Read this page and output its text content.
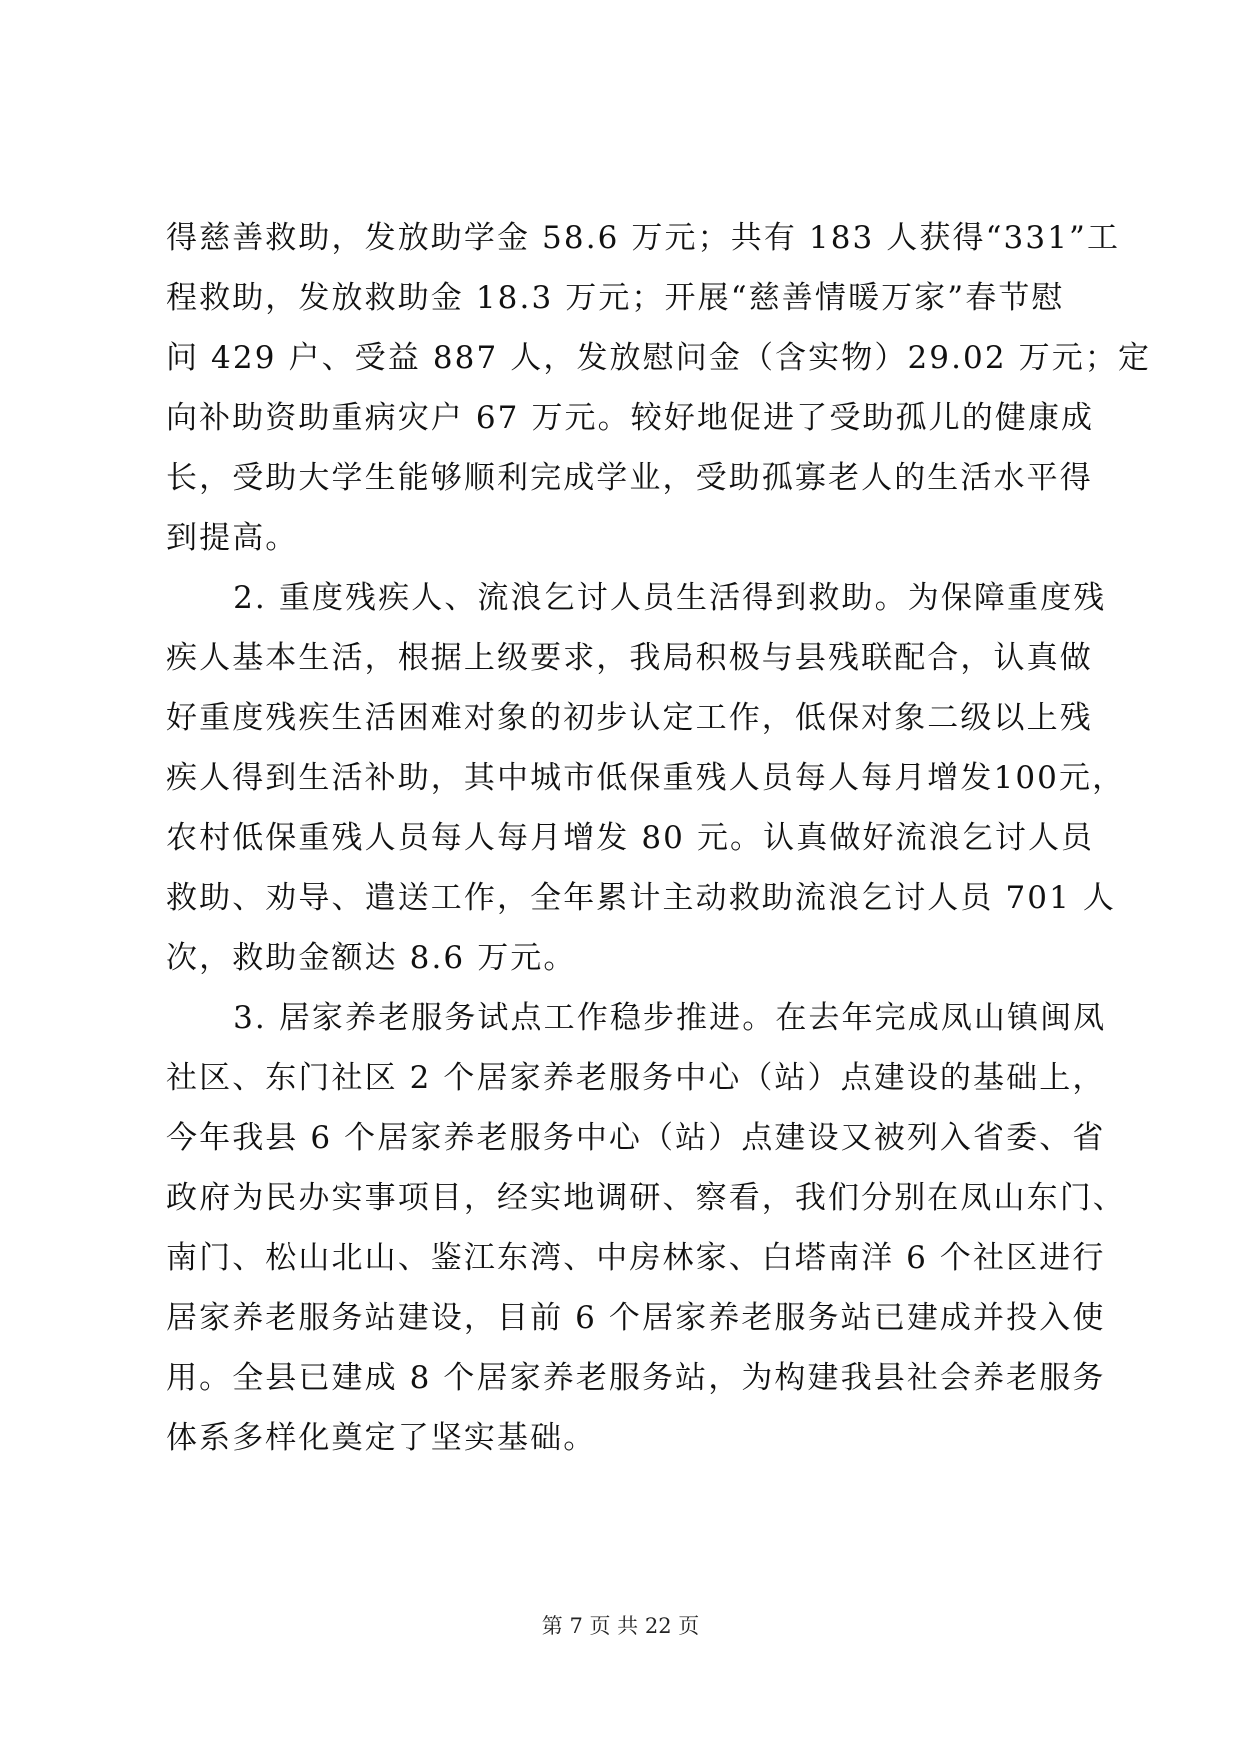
得慈善救助，发放助学金 58.6 万元；共有 183 人获得“331”工
程救助，发放救助金 18.3 万元；开展“慈善情暖万家”春节慰
问 429 户、受益 887 人，发放慰问金（含实物）29.02 万元；定
向补助资助重病灾户 67 万元。较好地促进了受助孤儿的健康成
长，受助大学生能够顺利完成学业，受助孤寡老人的生活水平得
到提高。
　2. 重度残疾人、流浪乞讨人员生活得到救助。为保障重度残
疾人基本生活，根据上级要求，我局积极与县残联配合，认真做
好重度残疾生活困难对象的初步认定工作，低保对象二级以上残
疾人得到生活补助，其中城市低保重残人员每人每月增发100元，
农村低保重残人员每人每月增发 80 元。认真做好流浪乞讨人员
救助、劝导、遣送工作，全年累计主动救助流浪乞讨人员 701 人
次，救助金额达 8.6 万元。
　3. 居家养老服务试点工作稳步推进。在去年完成凤山镇闽凤
社区、东门社区 2 个居家养老服务中心（站）点建设的基础上，
今年我县 6 个居家养老服务中心（站）点建设又被列入省委、省
政府为民办实事项目，经实地调研、察看，我们分别在凤山东门、
南门、松山北山、鉴江东湾、中房林家、白塔南洋 6 个社区进行
居家养老服务站建设，目前 6 个居家养老服务站已建成并投入使
用。全县已建成 8 个居家养老服务站，为构建我县社会养老服务
体系多样化奠定了坚实基础。
第 7 页 共 22 页
